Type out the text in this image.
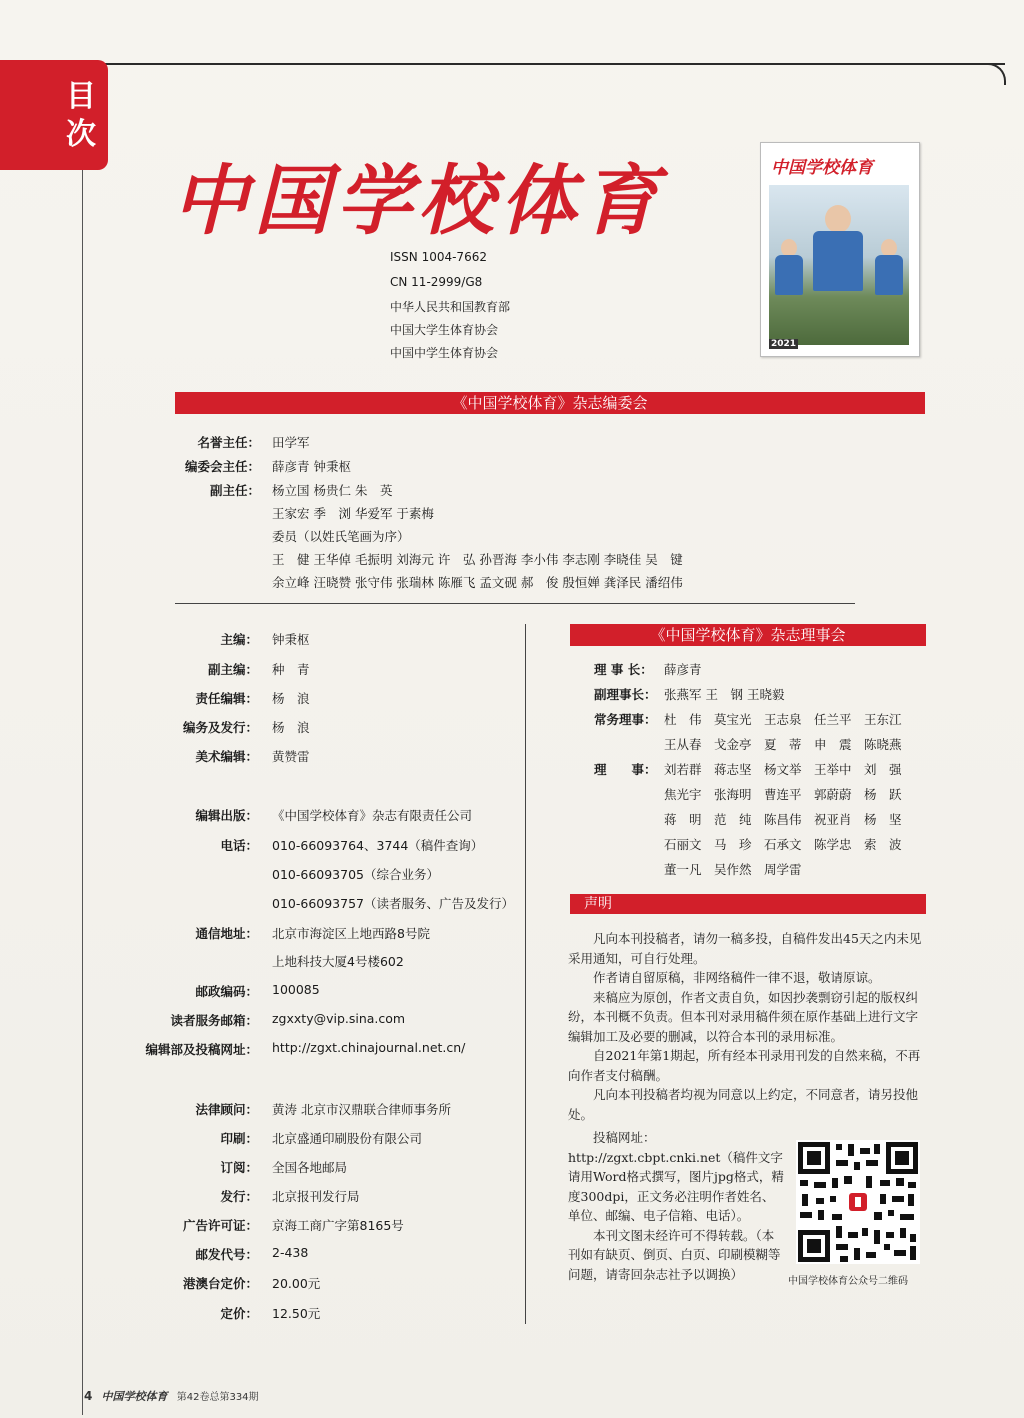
目
次
中国学校体育	中国学校体育
2021
ISSN 1004-7662
CN 11-2999/G8
中华人民共和国教育部
中国大学生体育协会
中国中学生体育协会
《中国学校体育》杂志编委会
名誉主任： 田学军
编委会主任： 薛彦青 钟秉枢
副主任： 杨立国 杨贵仁 朱　英
王家宏 季　浏 华爱军 于素梅
委员（以姓氏笔画为序）
王　健 王华倬 毛振明 刘海元 许　弘 孙晋海 李小伟 李志刚 李晓佳 吴　键
余立峰 汪晓赞 张守伟 张瑞林 陈雁飞 孟文砚 郝　俊 殷恒婵 龚泽民 潘绍伟
主编： 钟秉枢
副主编： 种　青
责任编辑： 杨　浪
编务及发行： 杨　浪
美术编辑： 黄赞雷
编辑出版： 《中国学校体育》杂志有限责任公司
电话： 010-66093764、3744（稿件查询）
010-66093705（综合业务）
010-66093757（读者服务、广告及发行）
通信地址： 北京市海淀区上地西路8号院
上地科技大厦4号楼602
邮政编码： 100085
读者服务邮箱： zgxxty@vip.sina.com
编辑部及投稿网址： http://zgxt.chinajournal.net.cn/
法律顾问： 黄涛 北京市汉鼎联合律师事务所
印刷： 北京盛通印刷股份有限公司
订阅： 全国各地邮局
发行： 北京报刊发行局
广告许可证： 京海工商广字第8165号
邮发代号： 2-438
港澳台定价： 20.00元
定价： 12.50元
《中国学校体育》杂志理事会
理 事 长： 薛彦青
副理事长： 张燕军 王　钢 王晓毅
常务理事： 杜　伟　莫宝光　王志泉　任兰平　王东江
王从春　戈金亭　夏　蒂　申　震　陈晓燕
理　　事： 刘若群　蒋志坚　杨文举　王举中　刘　强
焦光宇　张海明　曹连平　郭蔚蔚　杨　跃
蒋　明　范　纯　陈昌伟　祝亚肖　杨　坚
石丽文　马　珍　石承文　陈学忠　索　波
董一凡　吴作然　周学雷
声明

凡向本刊投稿者，请勿一稿多投，自稿件发出45天之内未见采用通知，可自行处理。

作者请自留原稿，非网络稿件一律不退，敬请原谅。

来稿应为原创，作者文责自负，如因抄袭剽窃引起的版权纠纷，本刊概不负责。但本刊对录用稿件须在原作基础上进行文字编辑加工及必要的删减，以符合本刊的录用标准。

自2021年第1期起，所有经本刊录用刊发的自然来稿，不再向作者支付稿酬。

凡向本刊投稿者均视为同意以上约定，不同意者，请另投他处。

　　投稿网址：http://zgxt.cbpt.cnki.net（稿件文字请用Word格式撰写，图片jpg格式，精度300dpi，正文务必注明作者姓名、单位、邮编、电子信箱、电话）。

　　本刊文图未经许可不得转载。（本刊如有缺页、倒页、白页、印刷模糊等问题，请寄回杂志社予以调换）	中国学校体育公众号二维码
4 中国学校体育 第42卷总第334期
